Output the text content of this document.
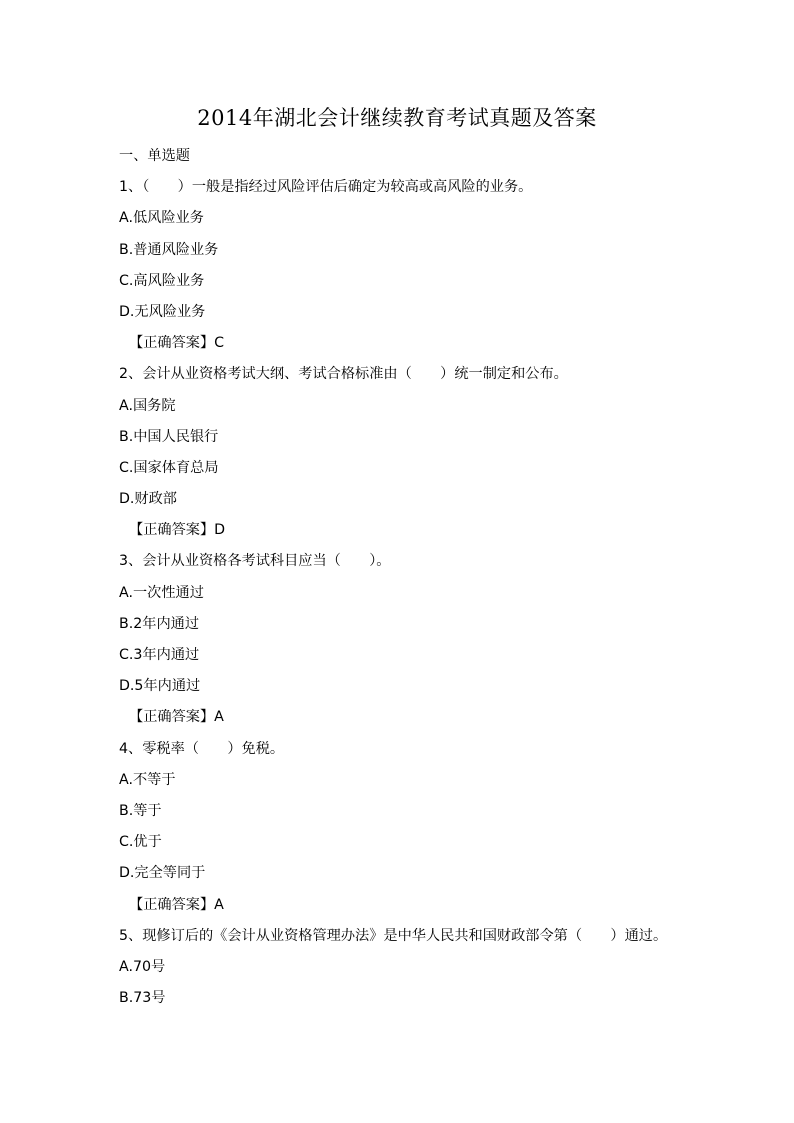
2014年湖北会计继续教育考试真题及答案
一、单选题
1、（　　）一般是指经过风险评估后确定为较高或高风险的业务。
A.低风险业务
B.普通风险业务
C.高风险业务
D.无风险业务
【正确答案】C
2、会计从业资格考试大纲、考试合格标准由（　　）统一制定和公布。
A.国务院
B.中国人民银行
C.国家体育总局
D.财政部
【正确答案】D
3、会计从业资格各考试科目应当（　　）。
A.一次性通过
B.2年内通过
C.3年内通过
D.5年内通过
【正确答案】A
4、零税率（　　）免税。
A.不等于
B.等于
C.优于
D.完全等同于
【正确答案】A
5、现修订后的《会计从业资格管理办法》是中华人民共和国财政部令第（　　）通过。
A.70号
B.73号
